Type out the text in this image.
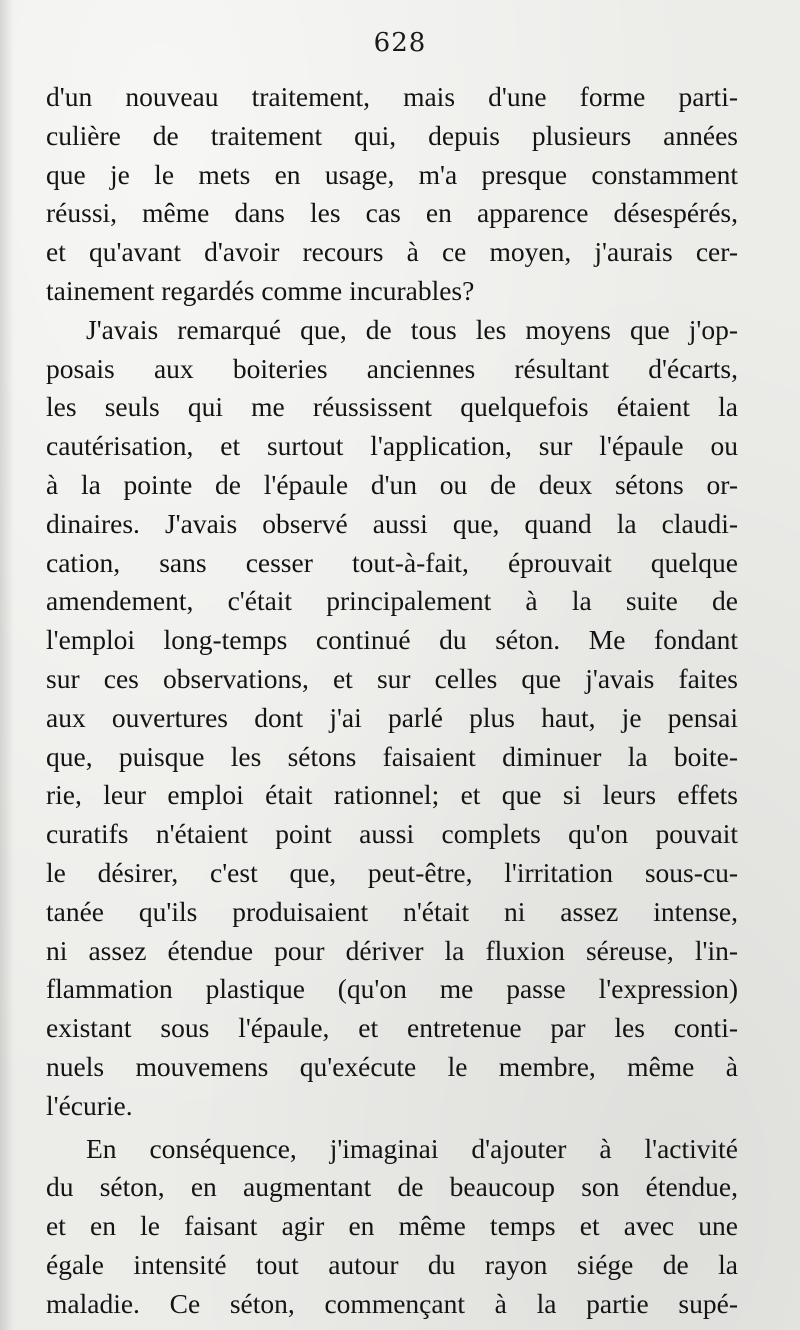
628
d'un nouveau traitement, mais d'une forme parti-
culière de traitement qui, depuis plusieurs années
que je le mets en usage, m'a presque constamment
réussi, même dans les cas en apparence désespérés,
et qu'avant d'avoir recours à ce moyen, j'aurais cer-
tainement regardés comme incurables?
J'avais remarqué que, de tous les moyens que j'op-
posais aux boiteries anciennes résultant d'écarts,
les seuls qui me réussissent quelquefois étaient la
cautérisation, et surtout l'application, sur l'épaule ou
à la pointe de l'épaule d'un ou de deux sétons or-
dinaires. J'avais observé aussi que, quand la claudi-
cation, sans cesser tout-à-fait, éprouvait quelque
amendement, c'était principalement à la suite de
l'emploi long-temps continué du séton. Me fondant
sur ces observations, et sur celles que j'avais faites
aux ouvertures dont j'ai parlé plus haut, je pensai
que, puisque les sétons faisaient diminuer la boite-
rie, leur emploi était rationnel; et que si leurs effets
curatifs n'étaient point aussi complets qu'on pouvait
le désirer, c'est que, peut-être, l'irritation sous-cu-
tanée qu'ils produisaient n'était ni assez intense,
ni assez étendue pour dériver la fluxion séreuse, l'in-
flammation plastique (qu'on me passe l'expression)
existant sous l'épaule, et entretenue par les conti-
nuels mouvemens qu'exécute le membre, même à
l'écurie.
En conséquence, j'imaginai d'ajouter à l'activité
du séton, en augmentant de beaucoup son étendue,
et en le faisant agir en même temps et avec une
égale intensité tout autour du rayon siége de la
maladie. Ce séton, commençant à la partie supé-
